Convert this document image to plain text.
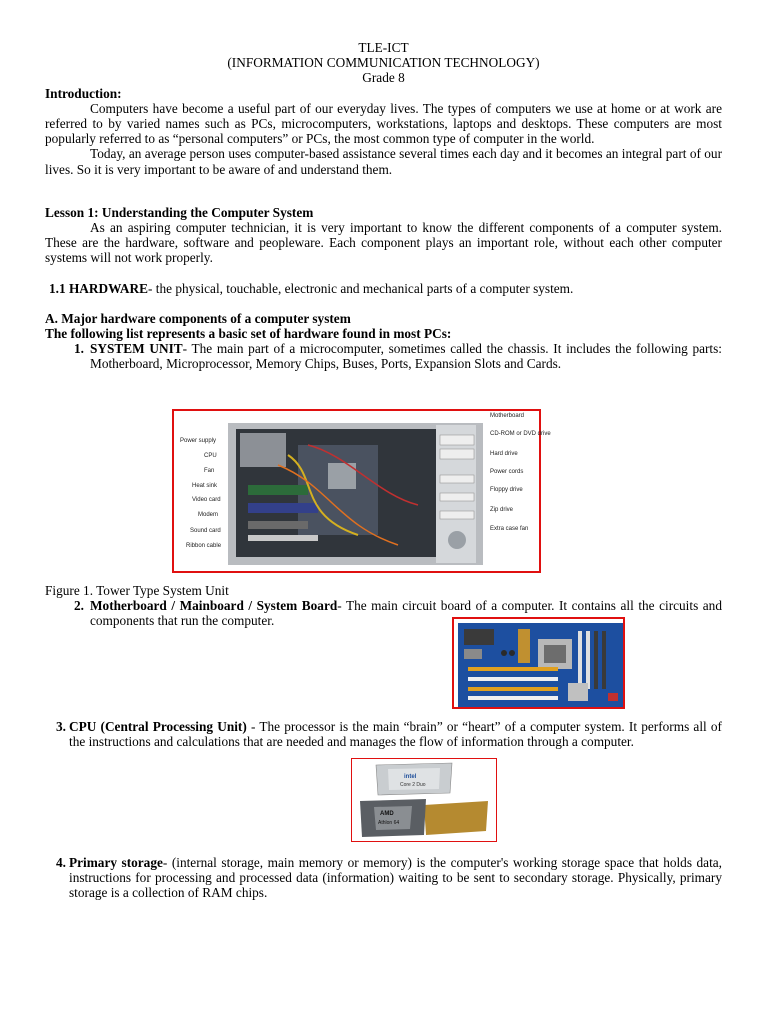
TLE-ICT
(INFORMATION COMMUNICATION TECHNOLOGY)
Grade 8

Introduction:

Computers have become a useful part of our everyday lives. The types of computers we use at home or at work are referred to by varied names such as PCs, microcomputers, workstations, laptops and desktops. These computers are most popularly referred to as “personal computers” or PCs, the most common type of computer in the world.

Today, an average person uses computer-based assistance several times each day and it becomes an integral part of our lives. So it is very important to be aware of and understand them.

Lesson 1: Understanding the Computer System

As an aspiring computer technician, it is very important to know the different components of a computer system. These are the hardware, software and peopleware. Each component plays an important role, without each other computer systems will not work properly.

1.1 HARDWARE- the physical, touchable, electronic and mechanical parts of a computer system.

A. Major hardware components of a computer system

The following list represents a basic set of hardware found in most PCs:

1. SYSTEM UNIT- The main part of a microcomputer, sometimes called the chassis. It includes the following parts: Motherboard, Microprocessor, Memory Chips, Buses, Ports, Expansion Slots and Cards.
Power supply
CPU
Fan
Heat sink
Video card
Modem
Sound card
Ribbon cable
Motherboard
CD-ROM or DVD drive
Hard drive
Power cords
Floppy drive
Zip drive
Extra case fan

Figure 1. Tower Type System Unit

2. Motherboard / Mainboard / System Board- The main circuit board of a computer. It contains all the circuits and components that run the computer.
3. CPU (Central Processing Unit) - The processor is the main “brain” or “heart” of a computer system. It performs all of the instructions and calculations that are needed and manages the flow of information through a computer.
intel
Core 2 Duo
AMD
Athlon 64
4. Primary storage- (internal storage, main memory or memory) is the computer's working storage space that holds data, instructions for processing and processed data (information) waiting to be sent to secondary storage. Physically, primary storage is a collection of RAM chips.
